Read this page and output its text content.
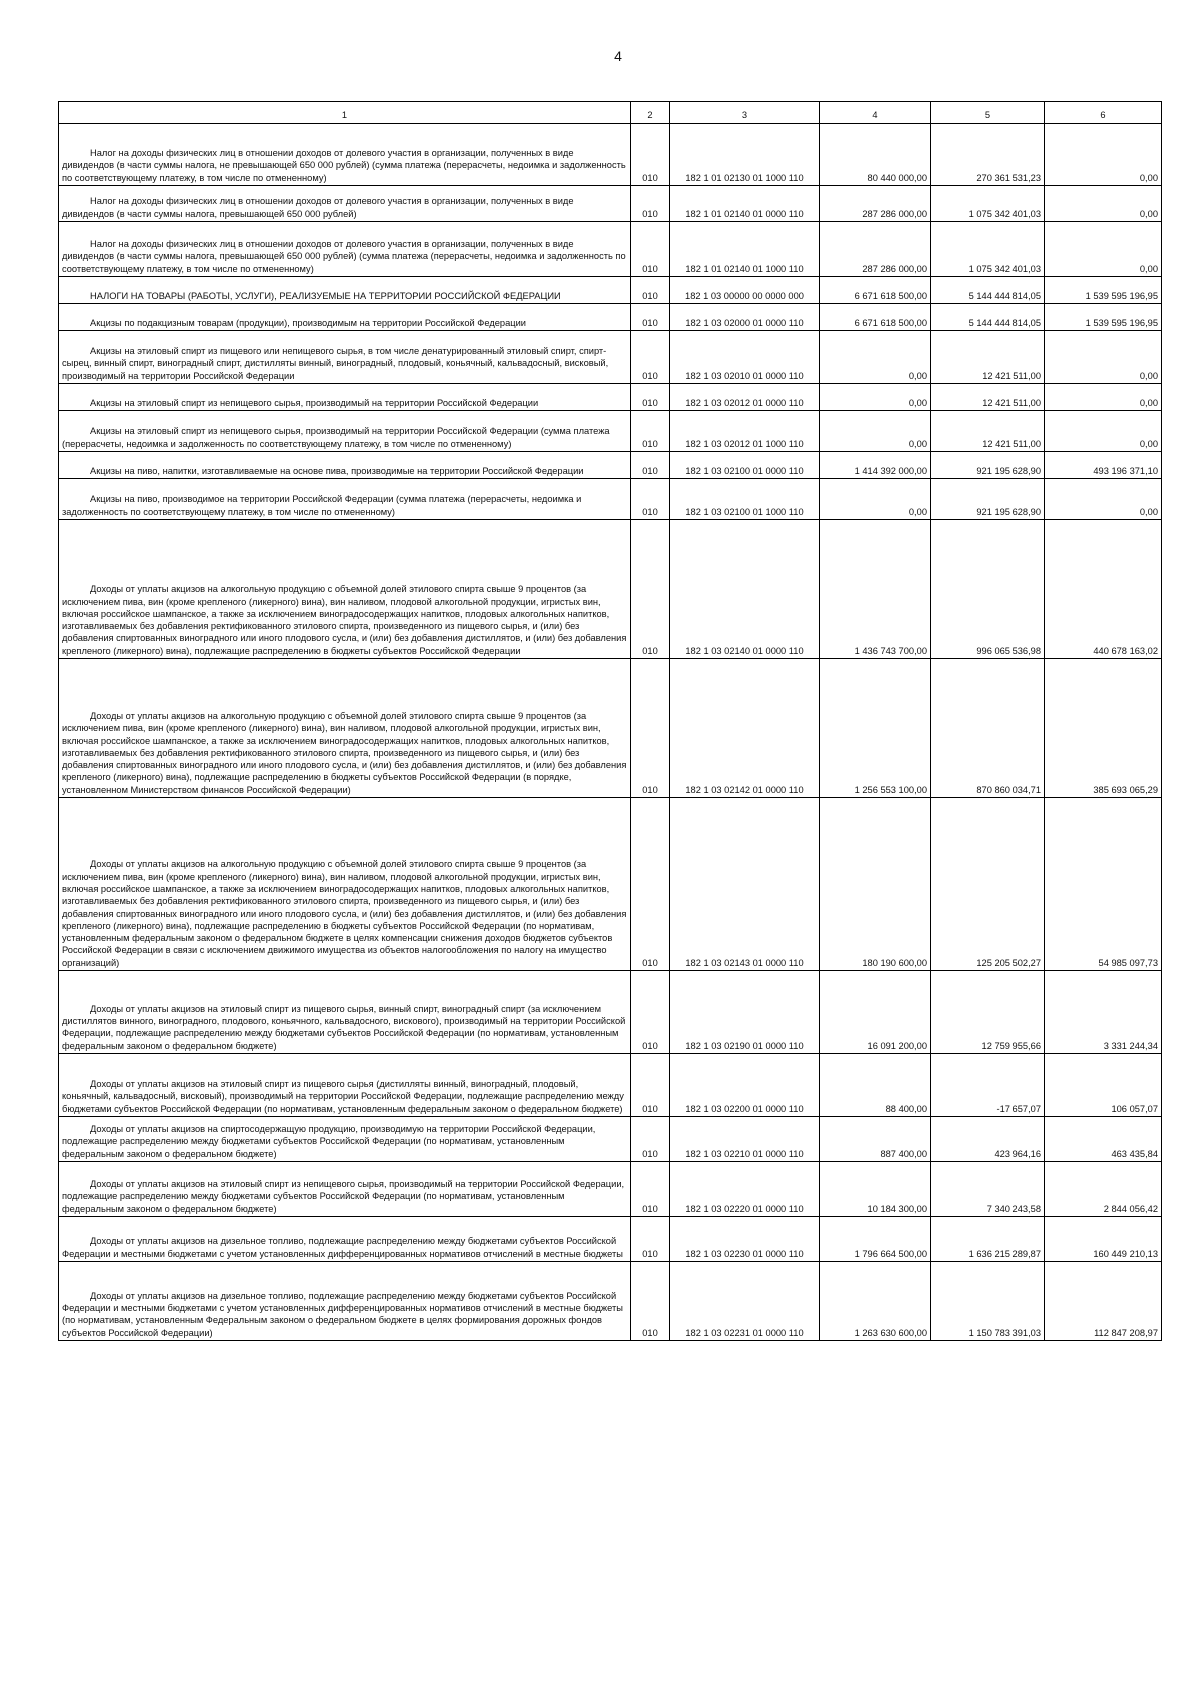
4
1	2	3	4	5	6

Налог на доходы физических лиц в отношении доходов от долевого участия в организации, полученных в виде дивидендов (в части суммы налога, не превышающей 650 000 рублей) (сумма платежа (перерасчеты, недоимка и задолженность по соответствующему платежу, в том числе по отмененному)	010	182 1 01 02130 01 1000 110	80 440 000,00	270 361 531,23	0,00

Налог на доходы физических лиц в отношении доходов от долевого участия в организации, полученных в виде дивидендов (в части суммы налога, превышающей 650 000 рублей)	010	182 1 01 02140 01 0000 110	287 286 000,00	1 075 342 401,03	0,00

Налог на доходы физических лиц в отношении доходов от долевого участия в организации, полученных в виде дивидендов (в части суммы налога, превышающей 650 000 рублей) (сумма платежа (перерасчеты, недоимка и задолженность по соответствующему платежу, в том числе по отмененному)	010	182 1 01 02140 01 1000 110	287 286 000,00	1 075 342 401,03	0,00

НАЛОГИ НА ТОВАРЫ (РАБОТЫ, УСЛУГИ), РЕАЛИЗУЕМЫЕ НА ТЕРРИТОРИИ РОССИЙСКОЙ ФЕДЕРАЦИИ	010	182 1 03 00000 00 0000 000	6 671 618 500,00	5 144 444 814,05	1 539 595 196,95

Акцизы по подакцизным товарам (продукции), производимым на территории Российской Федерации	010	182 1 03 02000 01 0000 110	6 671 618 500,00	5 144 444 814,05	1 539 595 196,95

Акцизы на этиловый спирт из пищевого или непищевого сырья, в том числе денатурированный этиловый спирт, спирт-сырец, винный спирт, виноградный спирт, дистилляты винный, виноградный, плодовый, коньячный, кальвадосный, висковый, производимый на территории Российской Федерации	010	182 1 03 02010 01 0000 110	0,00	12 421 511,00	0,00

Акцизы на этиловый спирт из непищевого сырья, производимый на территории Российской Федерации	010	182 1 03 02012 01 0000 110	0,00	12 421 511,00	0,00

Акцизы на этиловый спирт из непищевого сырья, производимый на территории Российской Федерации (сумма платежа (перерасчеты, недоимка и задолженность по соответствующему платежу, в том числе по отмененному)	010	182 1 03 02012 01 1000 110	0,00	12 421 511,00	0,00

Акцизы на пиво, напитки, изготавливаемые на основе пива, производимые на территории Российской Федерации	010	182 1 03 02100 01 0000 110	1 414 392 000,00	921 195 628,90	493 196 371,10

Акцизы на пиво, производимое на территории Российской Федерации (сумма платежа (перерасчеты, недоимка и задолженность по соответствующему платежу, в том числе по отмененному)	010	182 1 03 02100 01 1000 110	0,00	921 195 628,90	0,00

Доходы от уплаты акцизов на алкогольную продукцию с объемной долей этилового спирта свыше 9 процентов (за исключением пива, вин (кроме крепленого (ликерного) вина), вин наливом, плодовой алкогольной продукции, игристых вин, включая российское шампанское, а также за исключением виноградосодержащих напитков, плодовых алкогольных напитков, изготавливаемых без добавления ректификованного этилового спирта, произведенного из пищевого сырья, и (или) без добавления спиртованных виноградного или иного плодового сусла, и (или) без добавления дистиллятов, и (или) без добавления крепленого (ликерного) вина), подлежащие распределению в бюджеты субъектов Российской Федерации	010	182 1 03 02140 01 0000 110	1 436 743 700,00	996 065 536,98	440 678 163,02

Доходы от уплаты акцизов на алкогольную продукцию с объемной долей этилового спирта свыше 9 процентов (за исключением пива, вин (кроме крепленого (ликерного) вина), вин наливом, плодовой алкогольной продукции, игристых вин, включая российское шампанское, а также за исключением виноградосодержащих напитков, плодовых алкогольных напитков, изготавливаемых без добавления ректификованного этилового спирта, произведенного из пищевого сырья, и (или) без добавления спиртованных виноградного или иного плодового сусла, и (или) без добавления дистиллятов, и (или) без добавления крепленого (ликерного) вина), подлежащие распределению в бюджеты субъектов Российской Федерации (в порядке, установленном Министерством финансов Российской Федерации)	010	182 1 03 02142 01 0000 110	1 256 553 100,00	870 860 034,71	385 693 065,29

Доходы от уплаты акцизов на алкогольную продукцию с объемной долей этилового спирта свыше 9 процентов (за исключением пива, вин (кроме крепленого (ликерного) вина), вин наливом, плодовой алкогольной продукции, игристых вин, включая российское шампанское, а также за исключением виноградосодержащих напитков, плодовых алкогольных напитков, изготавливаемых без добавления ректификованного этилового спирта, произведенного из пищевого сырья, и (или) без добавления спиртованных виноградного или иного плодового сусла, и (или) без добавления дистиллятов, и (или) без добавления крепленого (ликерного) вина), подлежащие распределению в бюджеты субъектов Российской Федерации (по нормативам, установленным федеральным законом о федеральном бюджете в целях компенсации снижения доходов бюджетов субъектов Российской Федерации в связи с исключением движимого имущества из объектов налогообложения по налогу на имущество организаций)	010	182 1 03 02143 01 0000 110	180 190 600,00	125 205 502,27	54 985 097,73

Доходы от уплаты акцизов на этиловый спирт из пищевого сырья, винный спирт, виноградный спирт (за исключением дистиллятов винного, виноградного, плодового, коньячного, кальвадосного, вискового), производимый на территории Российской Федерации, подлежащие распределению между бюджетами субъектов Российской Федерации (по нормативам, установленным федеральным законом о федеральном бюджете)	010	182 1 03 02190 01 0000 110	16 091 200,00	12 759 955,66	3 331 244,34

Доходы от уплаты акцизов на этиловый спирт из пищевого сырья (дистилляты винный, виноградный, плодовый, коньячный, кальвадосный, висковый), производимый на территории Российской Федерации, подлежащие распределению между бюджетами субъектов Российской Федерации (по нормативам, установленным федеральным законом о федеральном бюджете)	010	182 1 03 02200 01 0000 110	88 400,00	-17 657,07	106 057,07

Доходы от уплаты акцизов на спиртосодержащую продукцию, производимую на территории Российской Федерации, подлежащие распределению между бюджетами субъектов Российской Федерации (по нормативам, установленным федеральным законом о федеральном бюджете)	010	182 1 03 02210 01 0000 110	887 400,00	423 964,16	463 435,84

Доходы от уплаты акцизов на этиловый спирт из непищевого сырья, производимый на территории Российской Федерации, подлежащие распределению между бюджетами субъектов Российской Федерации (по нормативам, установленным федеральным законом о федеральном бюджете)	010	182 1 03 02220 01 0000 110	10 184 300,00	7 340 243,58	2 844 056,42

Доходы от уплаты акцизов на дизельное топливо, подлежащие распределению между бюджетами субъектов Российской Федерации и местными бюджетами с учетом установленных дифференцированных нормативов отчислений в местные бюджеты	010	182 1 03 02230 01 0000 110	1 796 664 500,00	1 636 215 289,87	160 449 210,13

Доходы от уплаты акцизов на дизельное топливо, подлежащие распределению между бюджетами субъектов Российской Федерации и местными бюджетами с учетом установленных дифференцированных нормативов отчислений в местные бюджеты (по нормативам, установленным Федеральным законом о федеральном бюджете в целях формирования дорожных фондов субъектов Российской Федерации)	010	182 1 03 02231 01 0000 110	1 263 630 600,00	1 150 783 391,03	112 847 208,97
